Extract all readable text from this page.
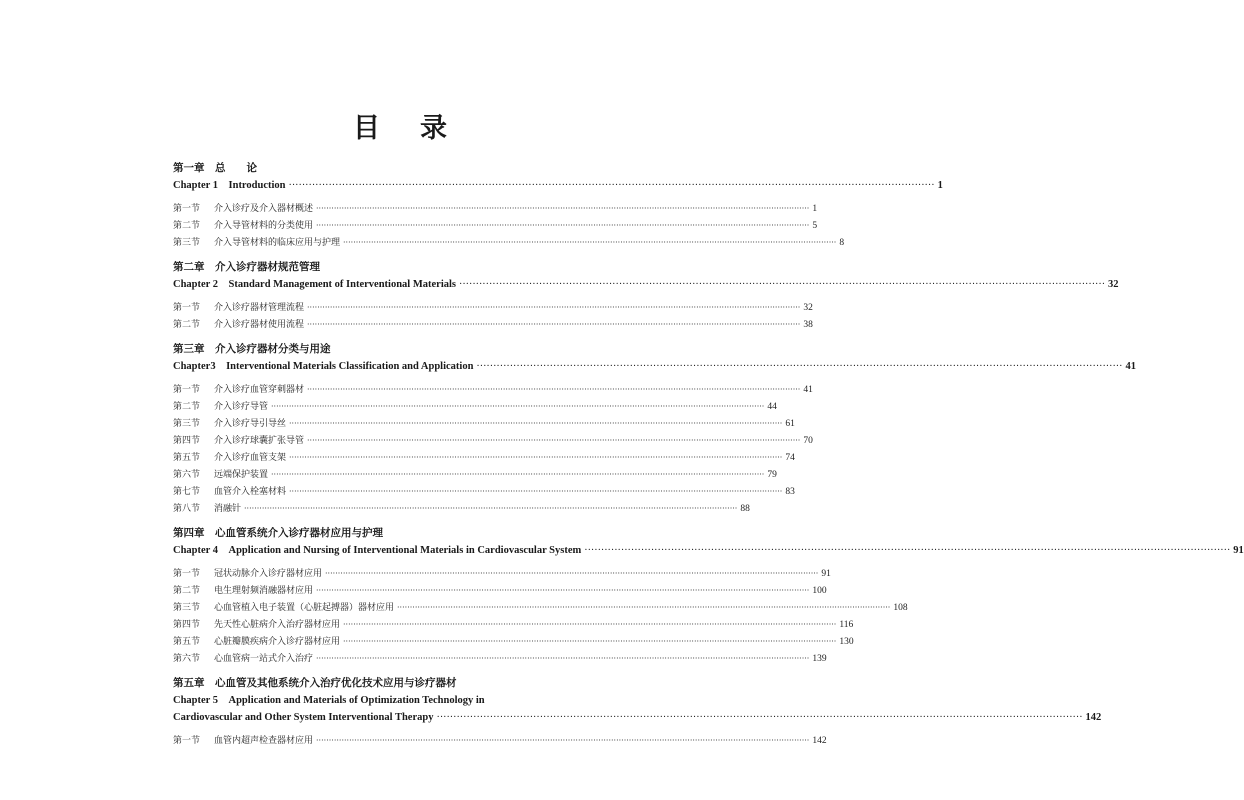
目录
第一章　总　　论
Chapter 1　Introduction ·····	1
第一节 介入诊疗及介入器材概述 ·····	1
第二节 介入导管材料的分类使用 ·····	5
第三节 介入导管材料的临床应用与护理 ·····	8
第二章　介入诊疗器材规范管理
Chapter 2　Standard Management of Interventional Materials ·····	32
第一节 介入诊疗器材管理流程 ·····	32
第二节 介入诊疗器材使用流程 ·····	38
第三章　介入诊疗器材分类与用途
Chapter3　Interventional Materials Classification and Application ·····	41
第一节 介入诊疗血管穿刺器材 ·····	41
第二节 介入诊疗导管 ·····	44
第三节 介入诊疗导引导丝 ·····	61
第四节 介入诊疗球囊扩张导管 ·····	70
第五节 介入诊疗血管支架 ·····	74
第六节 远端保护装置 ·····	79
第七节 血管介入栓塞材料 ·····	83
第八节 消融针 ·····	88
第四章　心血管系统介入诊疗器材应用与护理
Chapter 4　Application and Nursing of Interventional Materials in Cardiovascular System ·····	91
第一节 冠状动脉介入诊疗器材应用 ·····	91
第二节 电生理射频消融器材应用 ·····	100
第三节 心血管植入电子装置（心脏起搏器）器材应用 ·····	108
第四节 先天性心脏病介入治疗器材应用 ·····	116
第五节 心脏瓣膜疾病介入诊疗器材应用 ·····	130
第六节 心血管病一站式介入治疗 ·····	139
第五章　心血管及其他系统介入治疗优化技术应用与诊疗器材
Chapter 5　Application and Materials of Optimization Technology in
Cardiovascular and Other System Interventional Therapy ·····	142
第一节 血管内超声检查器材应用 ·····	142
